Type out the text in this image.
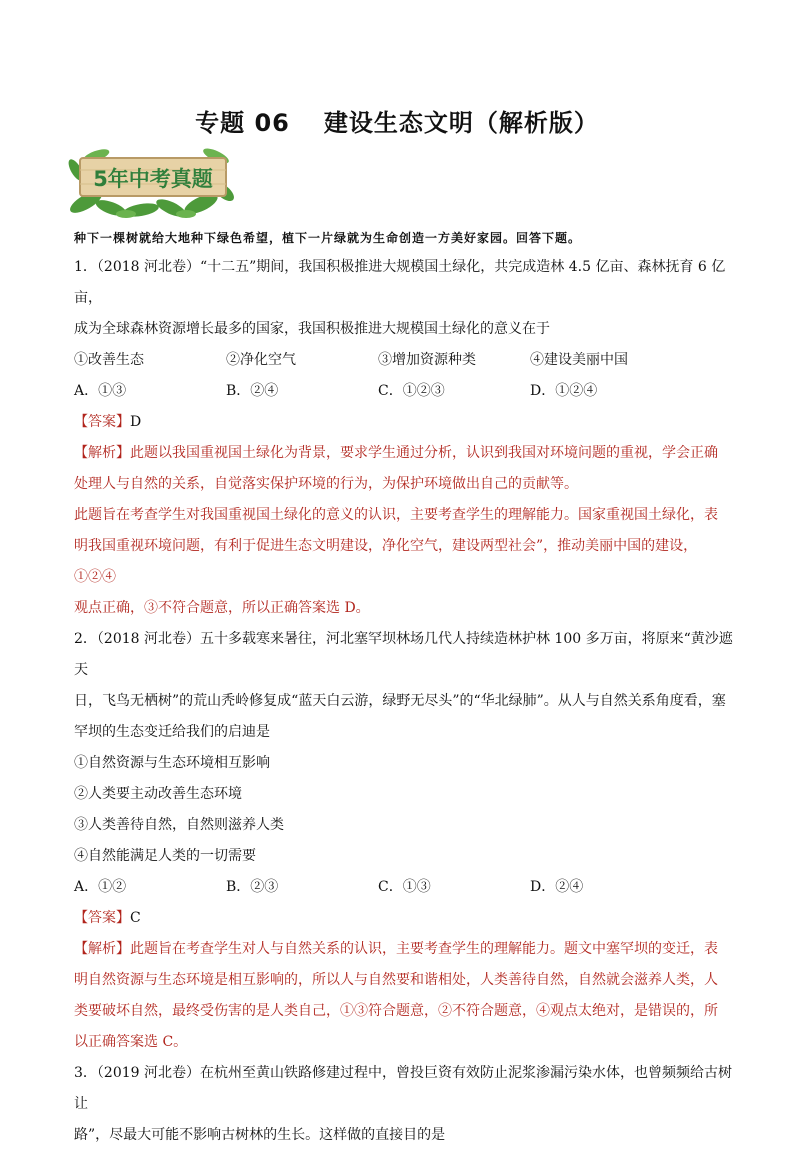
专题 06 建设生态文明（解析版）
5年中考真题

种下一棵树就给大地种下绿色希望，植下一片绿就为生命创造一方美好家园。回答下题。

1．（2018 河北卷）“十二五”期间，我国积极推进大规模国土绿化，共完成造林 4.5 亿亩、森林抚育 6 亿亩，

成为全球森林资源增长最多的国家，我国积极推进大规模国土绿化的意义在于

①改善生态	②净化空气	③增加资源种类	④建设美丽中国

A．①③	B．②④	C．①②③	D．①②④

【答案】D

【解析】此题以我国重视国土绿化为背景，要求学生通过分析，认识到我国对环境问题的重视，学会正确

处理人与自然的关系，自觉落实保护环境的行为，为保护环境做出自己的贡献等。

此题旨在考查学生对我国重视国土绿化的意义的认识，主要考查学生的理解能力。国家重视国土绿化，表

明我国重视环境问题，有利于促进生态文明建设，净化空气，建设两型社会”，推动美丽中国的建设，①②④

观点正确，③不符合题意，所以正确答案选 D。

2．（2018 河北卷）五十多载寒来暑往，河北塞罕坝林场几代人持续造林护林 100 多万亩，将原来“黄沙遮天

日，飞鸟无栖树”的荒山秃岭修复成“蓝天白云游，绿野无尽头”的“华北绿肺”。从人与自然关系角度看，塞

罕坝的生态变迁给我们的启迪是

①自然资源与生态环境相互影响

②人类要主动改善生态环境

③人类善待自然，自然则滋养人类

④自然能满足人类的一切需要

A．①②	B．②③	C．①③	D．②④

【答案】C

【解析】此题旨在考查学生对人与自然关系的认识，主要考查学生的理解能力。题文中塞罕坝的变迁，表

明自然资源与生态环境是相互影响的，所以人与自然要和谐相处，人类善待自然，自然就会滋养人类，人

类要破坏自然，最终受伤害的是人类自己，①③符合题意，②不符合题意，④观点太绝对，是错误的，所

以正确答案选 C。

3．（2019 河北卷）在杭州至黄山铁路修建过程中，曾投巨资有效防止泥浆渗漏污染水体，也曾频频给古树让

路”，尽最大可能不影响古树林的生长。这样做的直接目的是
